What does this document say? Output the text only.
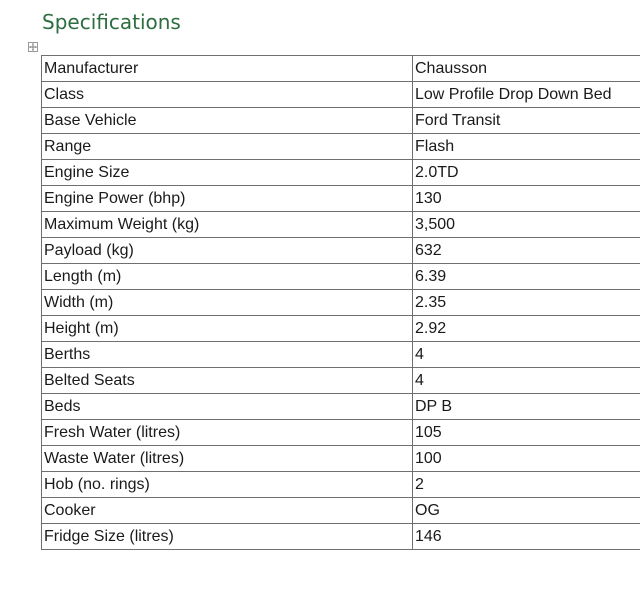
Specifications
Manufacturer	Chausson
Class	Low Profile Drop Down Bed
Base Vehicle	Ford Transit
Range	Flash
Engine Size	2.0TD
Engine Power (bhp)	130
Maximum Weight (kg)	3,500
Payload (kg)	632
Length (m)	6.39
Width (m)	2.35
Height (m)	2.92
Berths	4
Belted Seats	4
Beds	DP B
Fresh Water (litres)	105
Waste Water (litres)	100
Hob (no. rings)	2
Cooker	OG
Fridge Size (litres)	146
